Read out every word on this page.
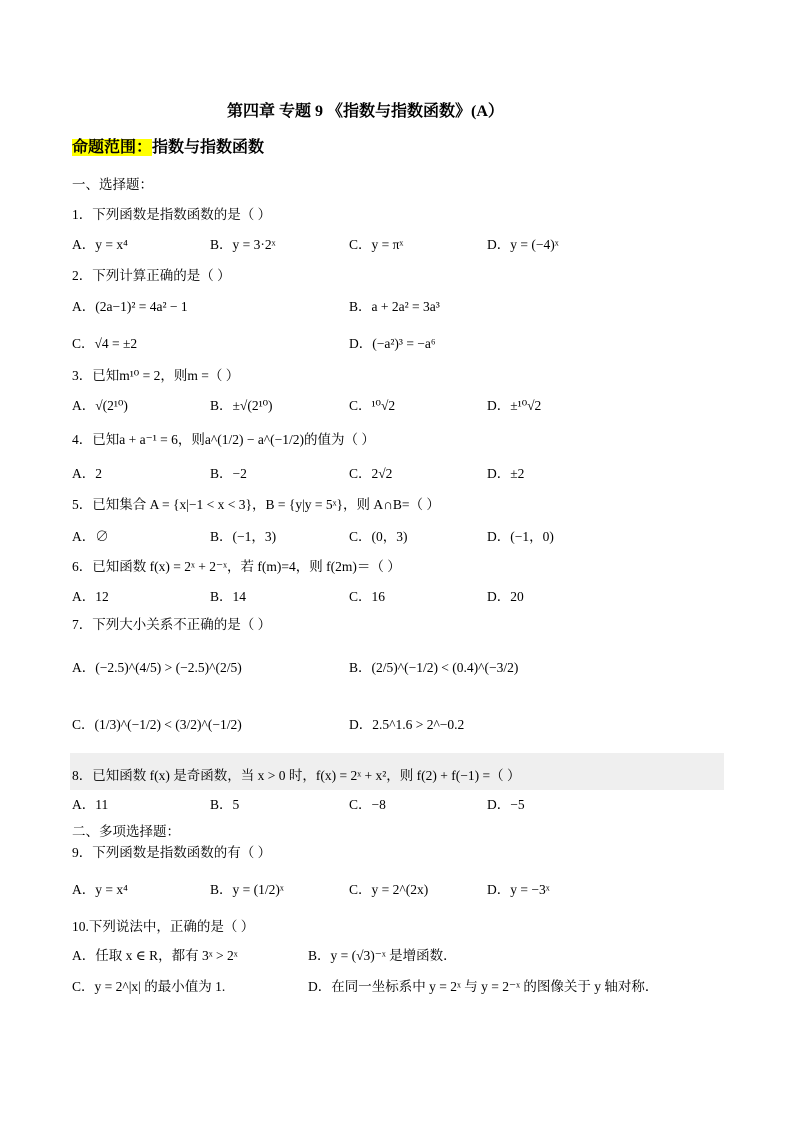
第四章 专题 9 《指数与指数函数》(A）
命题范围：指数与指数函数
一、选择题：
1．下列函数是指数函数的是（ ）
A．y = x⁴	B．y = 3·2ˣ	C．y = πˣ	D．y = (−4)ˣ
2．下列计算正确的是（ ）
A．(2a−1)² = 4a² − 1	B．a + 2a² = 3a³
C．√4 = ±2	D．(−a²)³ = −a⁶
3．已知m¹⁰ = 2，则m =（ ）
A．√(2¹⁰)	B．±√(2¹⁰)	C．¹⁰√2	D．±¹⁰√2
4．已知a + a⁻¹ = 6，则a^(1/2) − a^(−1/2)的值为（ ）
A．2	B．−2	C．2√2	D．±2
5．已知集合 A = {x|−1 < x < 3}，B = {y|y = 5ˣ}，则 A∩B=（ ）
A．∅	B．(−1，3)	C．(0，3)	D．(−1，0)
6．已知函数 f(x) = 2ˣ + 2⁻ˣ，若 f(m)=4，则 f(2m)＝（ ）
A．12	B．14	C．16	D．20
7．下列大小关系不正确的是（ ）
A．(−2.5)^(4/5) > (−2.5)^(2/5)	B．(2/5)^(−1/2) < (0.4)^(−3/2)
C．(1/3)^(−1/2) < (3/2)^(−1/2)	D．2.5^1.6 > 2^−0.2
8．已知函数 f(x) 是奇函数，当 x > 0 时，f(x) = 2ˣ + x²，则 f(2) + f(−1) =（ ）
A．11	B．5	C．−8	D．−5
二、多项选择题：
9．下列函数是指数函数的有（ ）
A．y = x⁴	B．y = (1/2)ˣ	C．y = 2^(2x)	D．y = −3ˣ
10.下列说法中，正确的是（ ）
A．任取 x ∈ R，都有 3ˣ > 2ˣ	B．y = (√3)⁻ˣ 是增函数．
C．y = 2^|x| 的最小值为 1.	D．在同一坐标系中 y = 2ˣ 与 y = 2⁻ˣ 的图像关于 y 轴对称．
